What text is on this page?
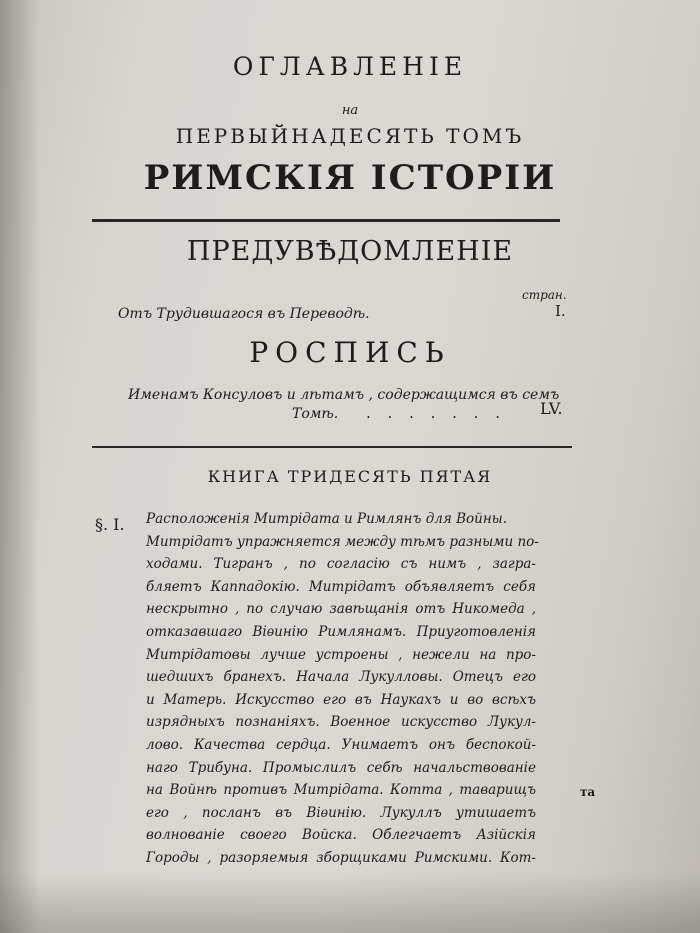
ОГЛАВЛЕНIЕ
на
ПЕРВЫЙНАДЕСЯТЬ ТОМЪ
РИМСКIЯ IСТОРIИ
ПРЕДУВѢДОМЛЕНIЕ
стран.
Отъ Трудившагося въ Переводѣ.	I.
РОСПИСЬ
Именамъ Консуловъ и лѣтамъ , содержащимся въ семъ
Томѣ. . . . . . . . LV.
КНИГА ТРИДЕСЯТЬ ПЯТАЯ
§. I. Расположенiя Митрiдата и Римлянъ для Войны.
Митрiдатъ упражняется между тѣмъ разными по-
ходами. Тигранъ , по согласiю съ нимъ , загра-
бляетъ Каппадокiю. Митрiдатъ объявляетъ себя
нескрытно , по случаю завѣщанiя отъ Никомеда ,
отказавшаго Вiѳинiю Римлянамъ. Приуготовленiя
Митрiдатовы лучше устроены , нежели на про-
шедшихъ бранехъ. Начала Лукулловы. Отецъ его
и Матерь. Искусство его въ Наукахъ и во всѣхъ
изрядныхъ познанiяхъ. Военное искусство Лукул-
лово. Качества сердца. Унимаетъ онъ беспокой-
наго Трибуна. Промыслилъ себѣ начальствованiе
на Войнѣ противъ Митрiдата. Котта , таварищъ
его , посланъ въ Вiѳинiю. Лукуллъ утишаетъ
волнованiе своего Войска. Облегчаетъ Азiйскiя
Городы , разоряемыя зборщиками Римскими. Кот-
та
